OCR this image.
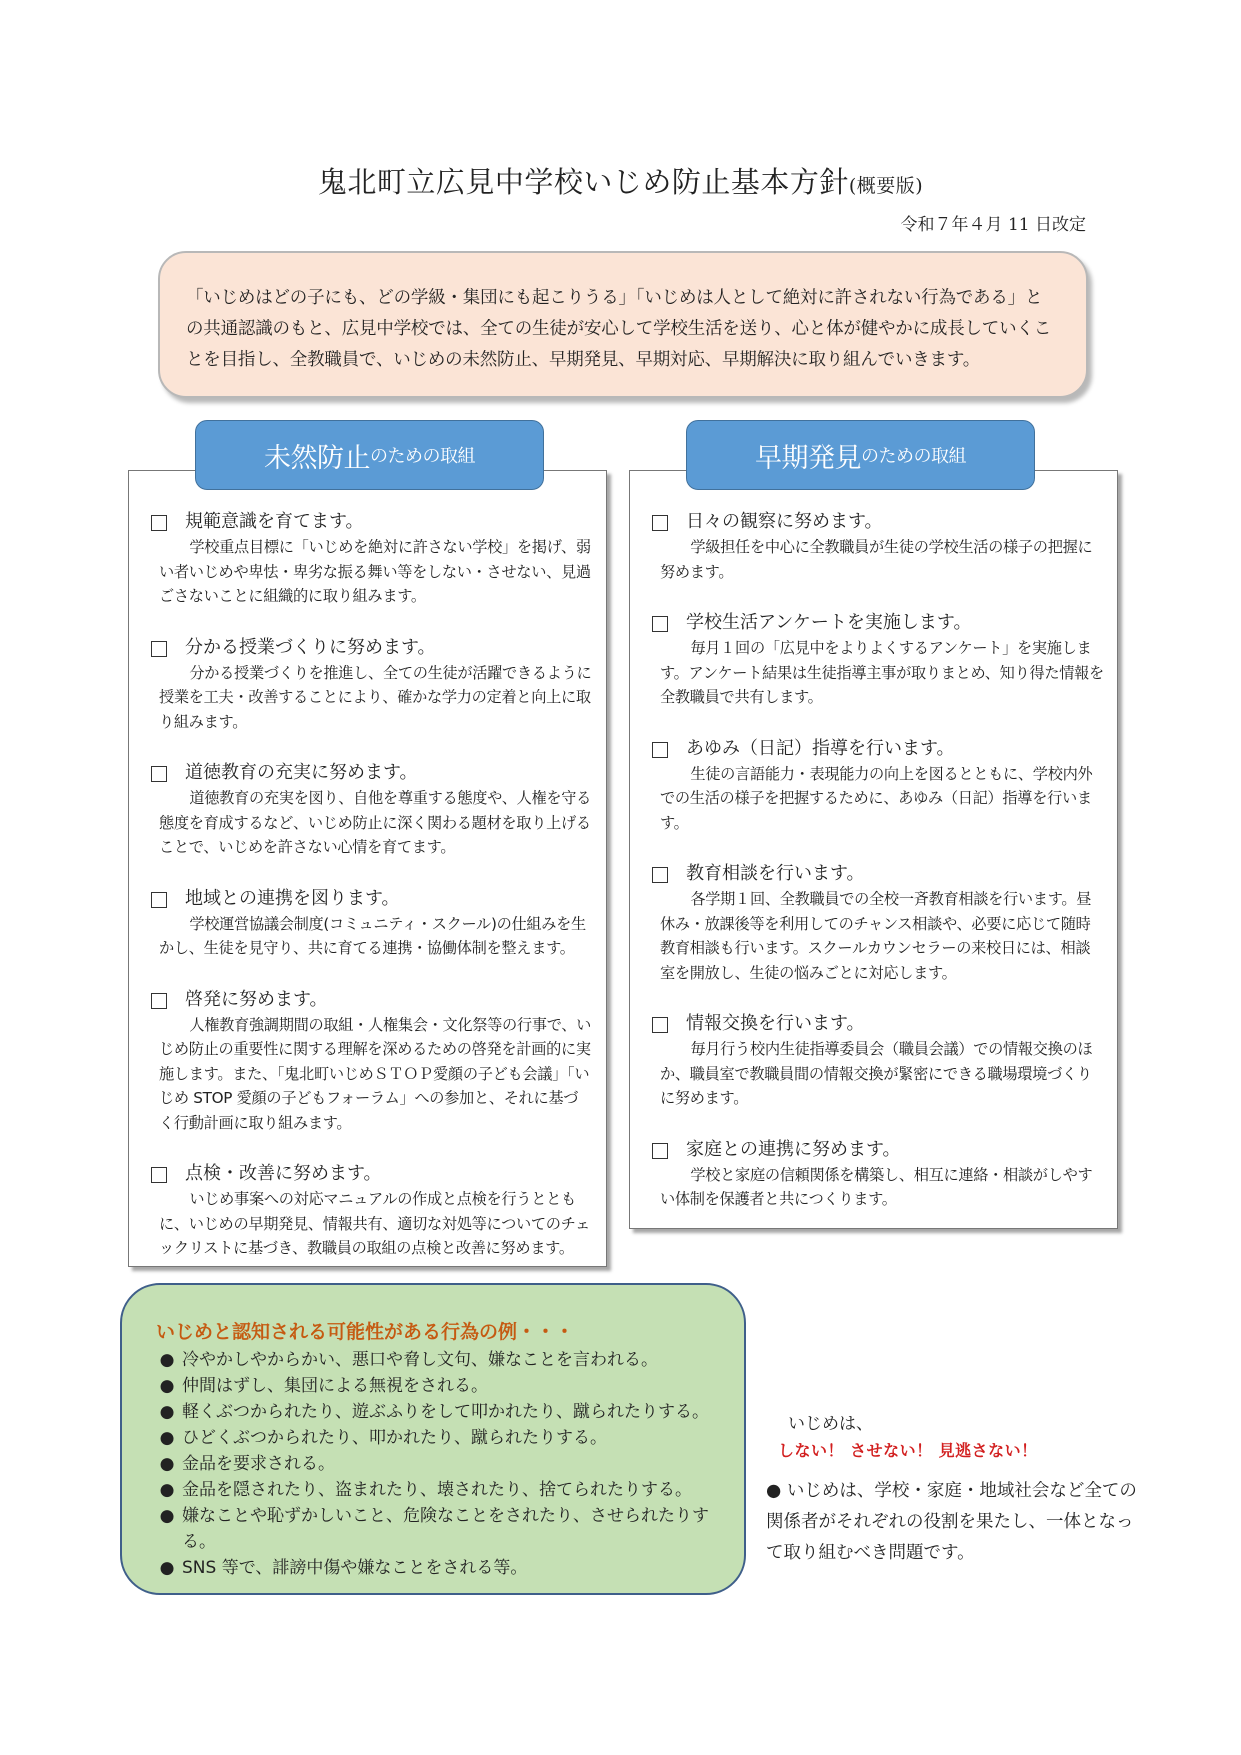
鬼北町立広見中学校いじめ防止基本方針(概要版)
令和７年４月 11 日改定
「いじめはどの子にも、どの学級・集団にも起こりうる」「いじめは人として絶対に許されない行為である」との共通認識のもと、広見中学校では、全ての生徒が安心して学校生活を送り、心と体が健やかに成長していくことを目指し、全教職員で、いじめの未然防止、早期発見、早期対応、早期解決に取り組んでいきます。
規範意識を育てます。
学校重点目標に「いじめを絶対に許さない学校」を掲げ、弱い者いじめや卑怯・卑劣な振る舞い等をしない・させない、見過ごさないことに組織的に取り組みます。
分かる授業づくりに努めます。
分かる授業づくりを推進し、全ての生徒が活躍できるように授業を工夫・改善することにより、確かな学力の定着と向上に取り組みます。
道徳教育の充実に努めます。
道徳教育の充実を図り、自他を尊重する態度や、人権を守る態度を育成するなど、いじめ防止に深く関わる題材を取り上げることで、いじめを許さない心情を育てます。
地域との連携を図ります。
学校運営協議会制度(コミュニティ・スクール)の仕組みを生かし、生徒を見守り、共に育てる連携・協働体制を整えます。
啓発に努めます。
人権教育強調期間の取組・人権集会・文化祭等の行事で、いじめ防止の重要性に関する理解を深めるための啓発を計画的に実施します。また、「鬼北町いじめＳＴＯＰ愛顔の子ども会議」「いじめ STOP 愛顔の子どもフォーラム」への参加と、それに基づく行動計画に取り組みます。
点検・改善に努めます。
いじめ事案への対応マニュアルの作成と点検を行うとともに、いじめの早期発見、情報共有、適切な対処等についてのチェックリストに基づき、教職員の取組の点検と改善に努めます。
未然防止 のための取組
日々の観察に努めます。
学級担任を中心に全教職員が生徒の学校生活の様子の把握に努めます。
学校生活アンケートを実施します。
毎月１回の「広見中をよりよくするアンケート」を実施します。アンケート結果は生徒指導主事が取りまとめ、知り得た情報を全教職員で共有します。
あゆみ（日記）指導を行います。
生徒の言語能力・表現能力の向上を図るとともに、学校内外での生活の様子を把握するために、あゆみ（日記）指導を行います。
教育相談を行います。
各学期１回、全教職員での全校一斉教育相談を行います。昼休み・放課後等を利用してのチャンス相談や、必要に応じて随時教育相談も行います。スクールカウンセラーの来校日には、相談室を開放し、生徒の悩みごとに対応します。
情報交換を行います。
毎月行う校内生徒指導委員会（職員会議）での情報交換のほか、職員室で教職員間の情報交換が緊密にできる職場環境づくりに努めます。
家庭との連携に努めます。
学校と家庭の信頼関係を構築し、相互に連絡・相談がしやすい体制を保護者と共につくります。
早期発見 のための取組
いじめと認知される可能性がある行為の例・・・
● 冷やかしやからかい、悪口や脅し文句、嫌なことを言われる。
● 仲間はずし、集団による無視をされる。
● 軽くぶつかられたり、遊ぶふりをして叩かれたり、蹴られたりする。
● ひどくぶつかられたり、叩かれたり、蹴られたりする。
● 金品を要求される。
● 金品を隠されたり、盗まれたり、壊されたり、捨てられたりする。
● 嫌なことや恥ずかしいこと、危険なことをされたり、させられたりする。
● SNS 等で、誹謗中傷や嫌なことをされる等。
いじめは、
しない！ させない！ 見逃さない！
● いじめは、学校・家庭・地域社会など全ての関係者がそれぞれの役割を果たし、一体となって取り組むべき問題です。
